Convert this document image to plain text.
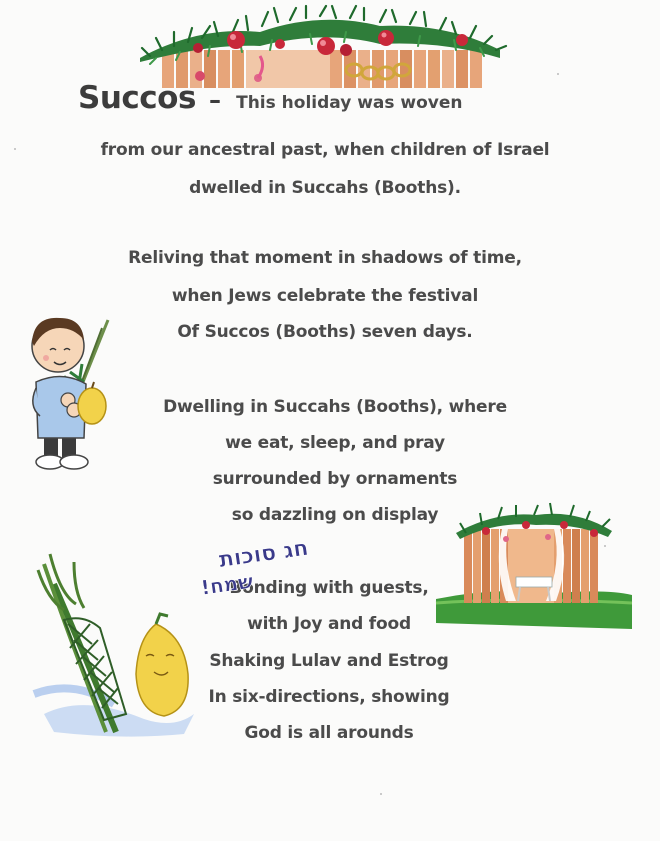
Succos – This holiday was woven
from our ancestral past, when children of Israel
dwelled in Succahs (Booths).
Reliving that moment in shadows of time,
when Jews celebrate the festival
Of Succos (Booths) seven days.
Dwelling in Succahs (Booths), where
we eat, sleep, and pray
surrounded by ornaments
so dazzling on display
Bonding with guests,
with Joy and food
Shaking Lulav and Estrog
In six-directions, showing
God is all arounds
חג סוכות
שמח!
